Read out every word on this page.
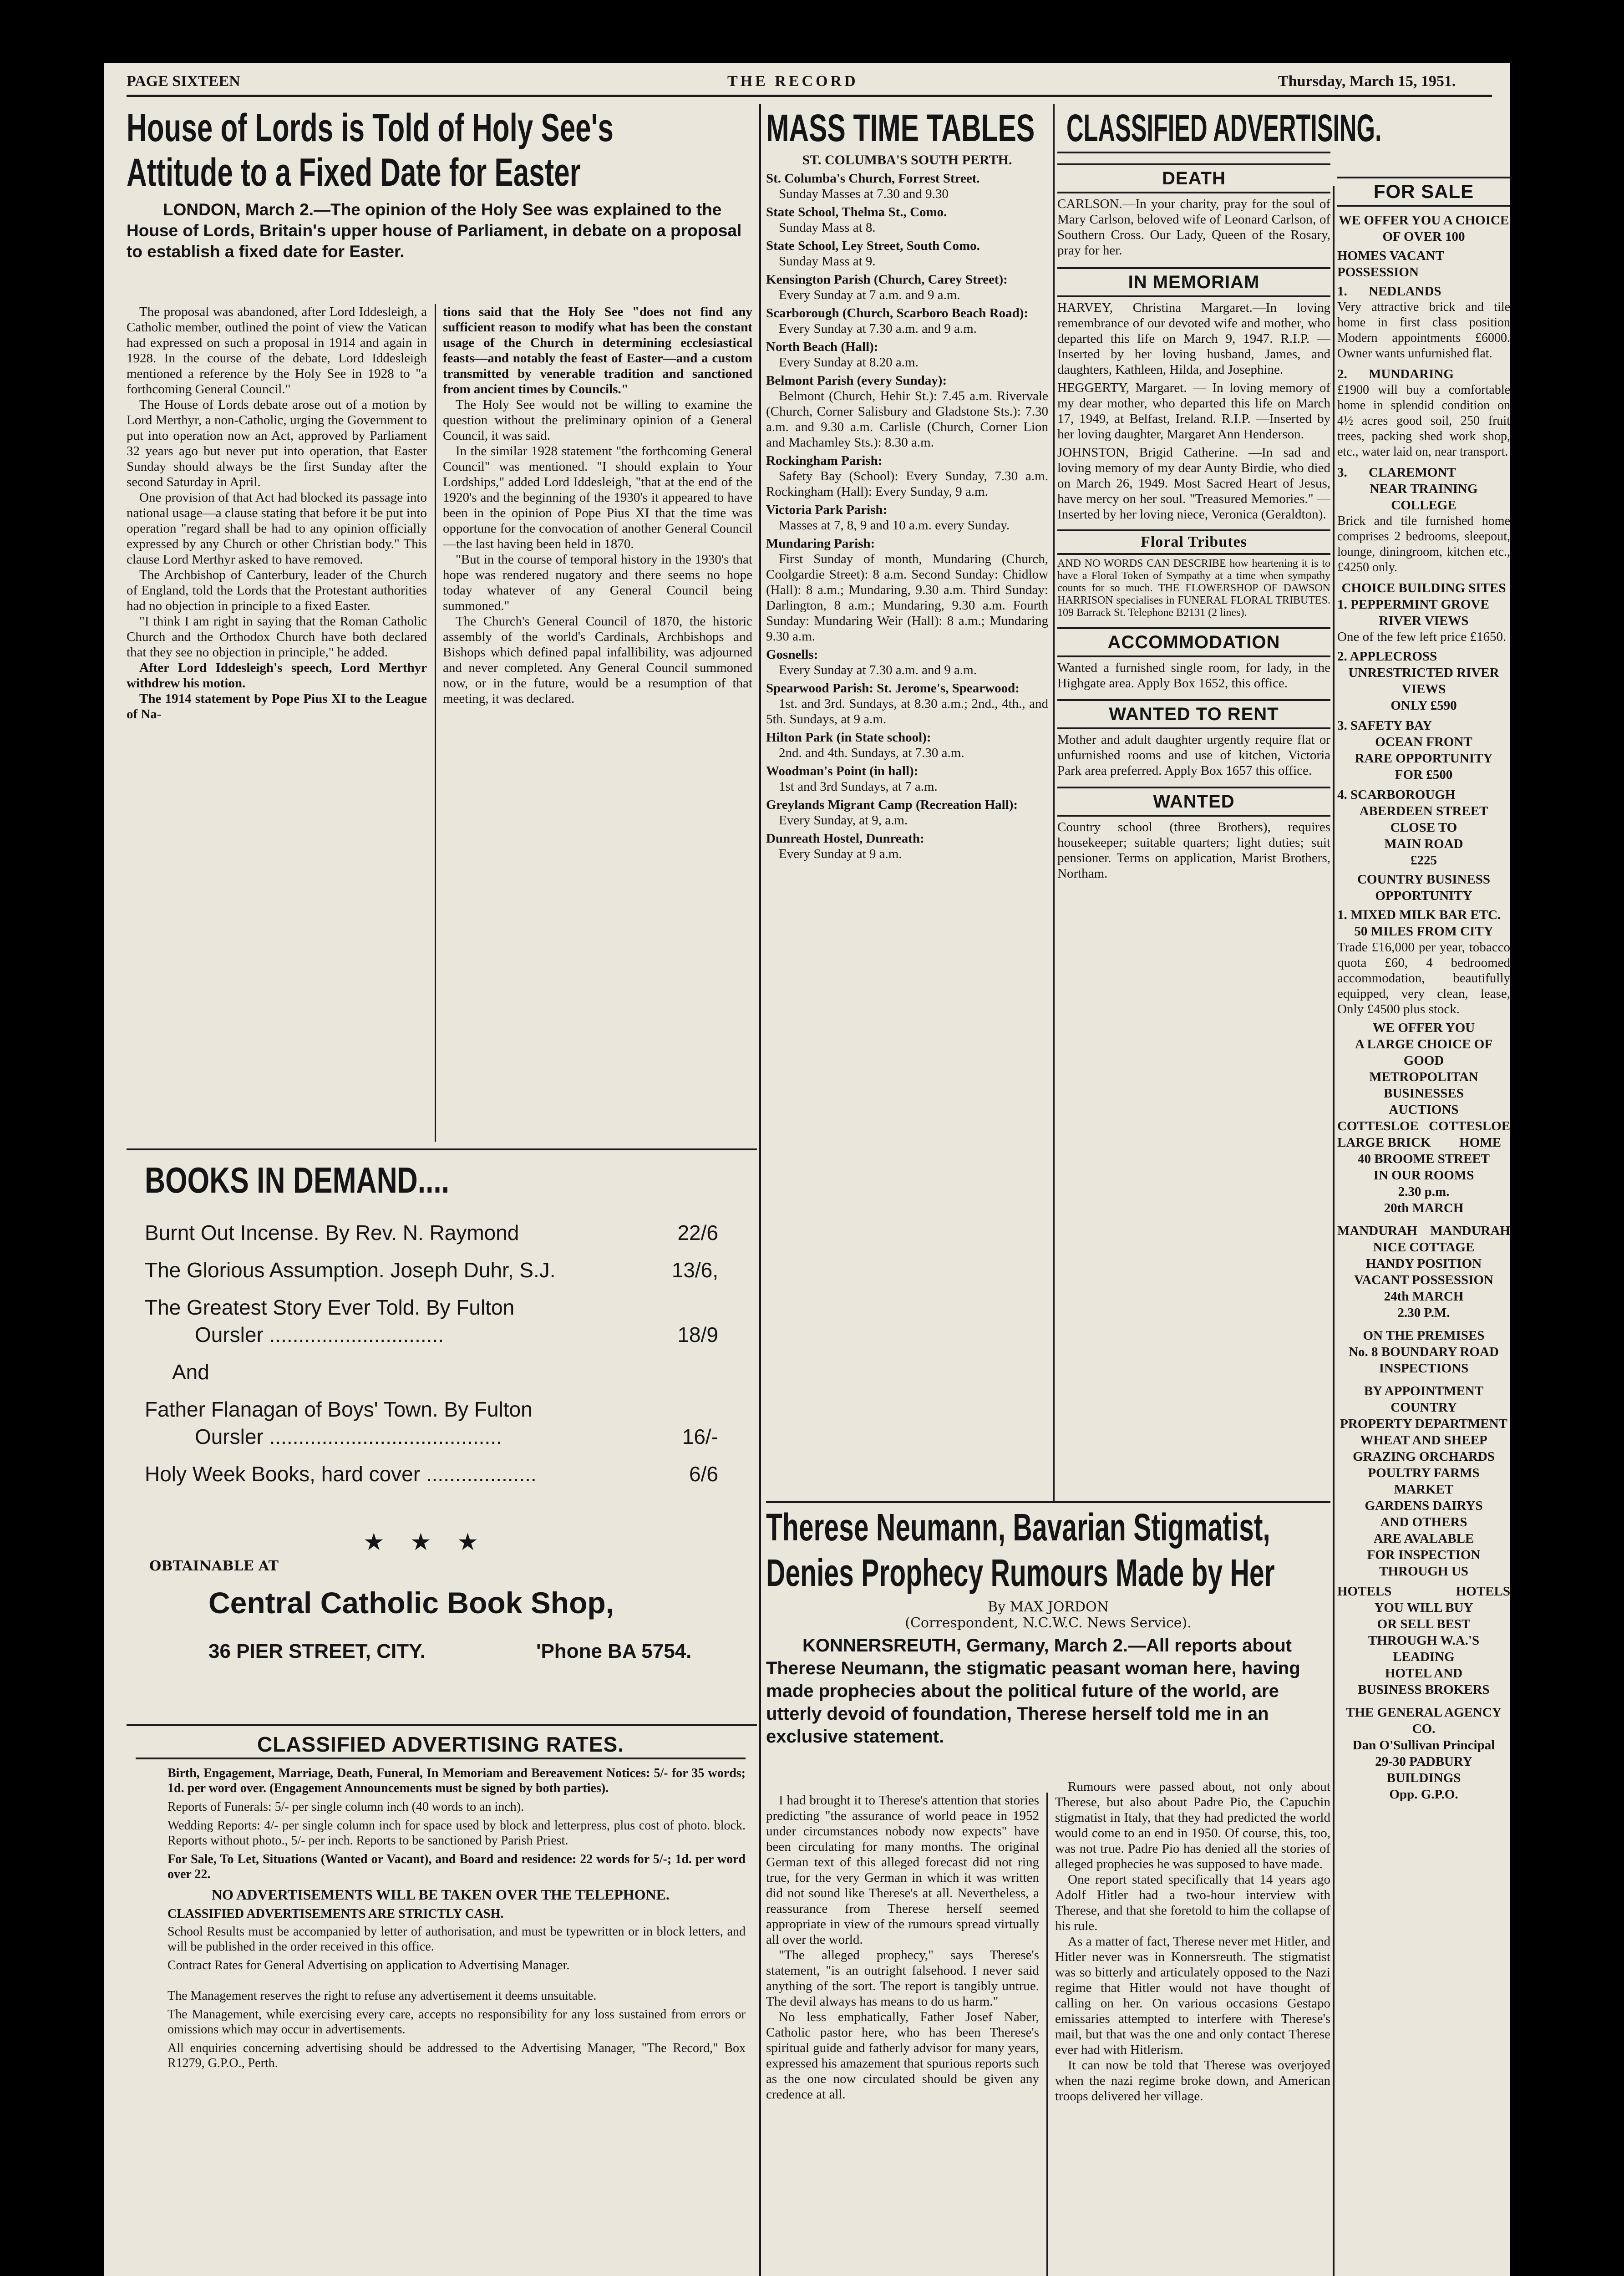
PAGE SIXTEEN	THE RECORD	Thursday, March 15, 1951.
House of Lords is Told of Holy See's
Attitude to a Fixed Date for Easter
LONDON, March 2.—The opinion of the Holy See was explained to the House of Lords, Britain's upper house of Parliament, in debate on a proposal to establish a fixed date for Easter.

The proposal was abandoned, after Lord Iddesleigh, a Catholic member, outlined the point of view the Vatican had expressed on such a proposal in 1914 and again in 1928. In the course of the debate, Lord Iddesleigh mentioned a reference by the Holy See in 1928 to "a forthcoming General Council."

The House of Lords debate arose out of a motion by Lord Merthyr, a non-Catholic, urging the Government to put into operation now an Act, approved by Parliament 32 years ago but never put into operation, that Easter Sunday should always be the first Sunday after the second Saturday in April.

One provision of that Act had blocked its passage into national usage—a clause stating that before it be put into operation "regard shall be had to any opinion officially expressed by any Church or other Christian body." This clause Lord Merthyr asked to have removed.

The Archbishop of Canterbury, leader of the Church of England, told the Lords that the Protestant authorities had no objection in principle to a fixed Easter.

"I think I am right in saying that the Roman Catholic Church and the Orthodox Church have both declared that they see no objection in principle," he added.

After Lord Iddesleigh's speech, Lord Merthyr withdrew his motion.

The 1914 statement by Pope Pius XI to the League of Na-

tions said that the Holy See "does not find any sufficient reason to modify what has been the constant usage of the Church in determining ecclesiastical feasts—and notably the feast of Easter—and a custom transmitted by venerable tradition and sanctioned from ancient times by Councils."

The Holy See would not be willing to examine the question without the preliminary opinion of a General Council, it was said.

In the similar 1928 statement "the forthcoming General Council" was mentioned. "I should explain to Your Lordships," added Lord Iddesleigh, "that at the end of the 1920's and the beginning of the 1930's it appeared to have been in the opinion of Pope Pius XI that the time was opportune for the convocation of another General Council—the last having been held in 1870.

"But in the course of temporal history in the 1930's that hope was rendered nugatory and there seems no hope today whatever of any General Council being summoned."

The Church's General Council of 1870, the historic assembly of the world's Cardinals, Archbishops and Bishops which defined papal infallibility, was adjourned and never completed. Any General Council summoned now, or in the future, would be a resumption of that meeting, it was declared.

BOOKS IN DEMAND....
Burnt Out Incense. By Rev. N. Raymond	22/6
The Glorious Assumption. Joseph Duhr, S.J.	13/6,
The Greatest Story Ever Told. By Fulton
Oursler ..............................	18/9
And
Father Flanagan of Boys' Town. By Fulton
Oursler ........................................	16/-
Holy Week Books, hard cover ...................	6/6
★ ★ ★
OBTAINABLE AT
Central Catholic Book Shop,
36 PIER STREET, CITY.	'Phone BA 5754.
CLASSIFIED ADVERTISING RATES.

Birth, Engagement, Marriage, Death, Funeral, In Memoriam and Bereavement Notices: 5/- for 35 words; 1d. per word over. (Engagement Announcements must be signed by both parties).

Reports of Funerals: 5/- per single column inch (40 words to an inch).

Wedding Reports: 4/- per single column inch for space used by block and letterpress, plus cost of photo. block. Reports without photo., 5/- per inch. Reports to be sanctioned by Parish Priest.

For Sale, To Let, Situations (Wanted or Vacant), and Board and residence: 22 words for 5/-; 1d. per word over 22.

NO ADVERTISEMENTS WILL BE TAKEN OVER THE TELEPHONE.

CLASSIFIED ADVERTISEMENTS ARE STRICTLY CASH.

School Results must be accompanied by letter of authorisation, and must be typewritten or in block letters, and will be published in the order received in this office.

Contract Rates for General Advertising on application to Advertising Manager.

The Management reserves the right to refuse any advertisement it deems unsuitable.

The Management, while exercising every care, accepts no responsibility for any loss sustained from errors or omissions which may occur in advertisements.

All enquiries concerning advertising should be addressed to the Advertising Manager, "The Record," Box R1279, G.P.O., Perth.

MASS TIME TABLES
ST. COLUMBA'S SOUTH PERTH.
St. Columba's Church, Forrest Street.
Sunday Masses at 7.30 and 9.30
State School, Thelma St., Como.
Sunday Mass at 8.
State School, Ley Street, South Como.
Sunday Mass at 9.
Kensington Parish (Church, Carey Street):
Every Sunday at 7 a.m. and 9 a.m.
Scarborough (Church, Scarboro Beach Road):
Every Sunday at 7.30 a.m. and 9 a.m.
North Beach (Hall):
Every Sunday at 8.20 a.m.
Belmont Parish (every Sunday):
Belmont (Church, Hehir St.): 7.45 a.m. Rivervale (Church, Corner Salisbury and Gladstone Sts.): 7.30 a.m. and 9.30 a.m. Carlisle (Church, Corner Lion and Machamley Sts.): 8.30 a.m.
Rockingham Parish:
Safety Bay (School): Every Sunday, 7.30 a.m. Rockingham (Hall): Every Sunday, 9 a.m.
Victoria Park Parish:
Masses at 7, 8, 9 and 10 a.m. every Sunday.
Mundaring Parish:
First Sunday of month, Mundaring (Church, Coolgardie Street): 8 a.m. Second Sunday: Chidlow (Hall): 8 a.m.; Mundaring, 9.30 a.m. Third Sunday: Darlington, 8 a.m.; Mundaring, 9.30 a.m. Fourth Sunday: Mundaring Weir (Hall): 8 a.m.; Mundaring 9.30 a.m.
Gosnells:
Every Sunday at 7.30 a.m. and 9 a.m.
Spearwood Parish: St. Jerome's, Spearwood:
1st. and 3rd. Sundays, at 8.30 a.m.; 2nd., 4th., and 5th. Sundays, at 9 a.m.
Hilton Park (in State school):
2nd. and 4th. Sundays, at 7.30 a.m.
Woodman's Point (in hall):
1st and 3rd Sundays, at 7 a.m.
Greylands Migrant Camp (Recreation Hall):
Every Sunday, at 9, a.m.
Dunreath Hostel, Dunreath:
Every Sunday at 9 a.m.
CLASSIFIED ADVERTISING.
DEATH
CARLSON.—In your charity, pray for the soul of Mary Carlson, beloved wife of Leonard Carlson, of Southern Cross. Our Lady, Queen of the Rosary, pray for her.
IN MEMORIAM

HARVEY, Christina Margaret.—In loving remembrance of our devoted wife and mother, who departed this life on March 9, 1947. R.I.P. —Inserted by her loving husband, James, and daughters, Kathleen, Hilda, and Josephine.

HEGGERTY, Margaret. — In loving memory of my dear mother, who departed this life on March 17, 1949, at Belfast, Ireland. R.I.P. —Inserted by her loving daughter, Margaret Ann Henderson.

JOHNSTON, Brigid Catherine. —In sad and loving memory of my dear Aunty Birdie, who died on March 26, 1949. Most Sacred Heart of Jesus, have mercy on her soul. "Treasured Memories." —Inserted by her loving niece, Veronica (Geraldton).

Floral Tributes
AND NO WORDS CAN DESCRIBE how heartening it is to have a Floral Token of Sympathy at a time when sympathy counts for so much. THE FLOWERSHOP OF DAWSON HARRISON specialises in FUNERAL FLORAL TRIBUTES. 109 Barrack St. Telephone B2131 (2 lines).
ACCOMMODATION
Wanted a furnished single room, for lady, in the Highgate area. Apply Box 1652, this office.
WANTED TO RENT
Mother and adult daughter urgently require flat or unfurnished rooms and use of kitchen, Victoria Park area preferred. Apply Box 1657 this office.
WANTED
Country school (three Brothers), requires housekeeper; suitable quarters; light duties; suit pensioner. Terms on application, Marist Brothers, Northam.
FOR SALE
WE OFFER YOU A CHOICE OF OVER 100
HOMES VACANT POSSESSION
1. NEDLANDS
Very attractive brick and tile home in first class position Modern appointments £6000. Owner wants unfurnished flat.
2. MUNDARING
£1900 will buy a comfortable home in splendid condition on 4½ acres good soil, 250 fruit trees, packing shed work shop, etc., water laid on, near transport.
3. CLAREMONT
NEAR TRAINING COLLEGE
Brick and tile furnished home comprises 2 bedrooms, sleepout, lounge, diningroom, kitchen etc., £4250 only.
CHOICE BUILDING SITES
1. PEPPERMINT GROVE
RIVER VIEWS
One of the few left price £1650.
2. APPLECROSS
UNRESTRICTED RIVER VIEWS
ONLY £590
3. SAFETY BAY
OCEAN FRONT
RARE OPPORTUNITY
FOR £500
4. SCARBOROUGH
ABERDEEN STREET CLOSE TO
MAIN ROAD
£225
COUNTRY BUSINESS OPPORTUNITY
1. MIXED MILK BAR ETC.
50 MILES FROM CITY
Trade £16,000 per year, tobacco quota £60, 4 bedroomed accommodation, beautifully equipped, very clean, lease, Only £4500 plus stock.
WE OFFER YOU
A LARGE CHOICE OF GOOD
METROPOLITAN
BUSINESSES
AUCTIONS
COTTESLOE COTTESLOE
LARGE BRICK HOME
40 BROOME STREET
IN OUR ROOMS
2.30 p.m.
20th MARCH
MANDURAH MANDURAH
NICE COTTAGE
HANDY POSITION
VACANT POSSESSION
24th MARCH
2.30 P.M.
ON THE PREMISES
No. 8 BOUNDARY ROAD
INSPECTIONS
BY APPOINTMENT
COUNTRY
PROPERTY DEPARTMENT
WHEAT AND SHEEP
GRAZING ORCHARDS
POULTRY FARMS MARKET
GARDENS DAIRYS
AND OTHERS
ARE AVALABLE
FOR INSPECTION
THROUGH US
HOTELS	HOTELS
YOU WILL BUY
OR SELL BEST
THROUGH W.A.'S LEADING
HOTEL AND
BUSINESS BROKERS
THE GENERAL AGENCY CO.
Dan O'Sullivan Principal
29-30 PADBURY BUILDINGS
Opp. G.P.O.
Therese Neumann, Bavarian Stigmatist,
Denies Prophecy Rumours Made by Her
By MAX JORDON
(Correspondent, N.C.W.C. News Service).
KONNERSREUTH, Germany, March 2.—All reports about Therese Neumann, the stigmatic peasant woman here, having made prophecies about the political future of the world, are utterly devoid of foundation, Therese herself told me in an exclusive statement.

I had brought it to Therese's attention that stories predicting "the assurance of world peace in 1952 under circumstances nobody now expects" have been circulating for many months. The original German text of this alleged forecast did not ring true, for the very German in which it was written did not sound like Therese's at all. Nevertheless, a reassurance from Therese herself seemed appropriate in view of the rumours spread virtually all over the world.

"The alleged prophecy," says Therese's statement, "is an outright falsehood. I never said anything of the sort. The report is tangibly untrue. The devil always has means to do us harm."

No less emphatically, Father Josef Naber, Catholic pastor here, who has been Therese's spiritual guide and fatherly advisor for many years, expressed his amazement that spurious reports such as the one now circulated should be given any credence at all.

Rumours were passed about, not only about Therese, but also about Padre Pio, the Capuchin stigmatist in Italy, that they had predicted the world would come to an end in 1950. Of course, this, too, was not true. Padre Pio has denied all the stories of alleged prophecies he was supposed to have made.

One report stated specifically that 14 years ago Adolf Hitler had a two-hour interview with Therese, and that she foretold to him the collapse of his rule.

As a matter of fact, Therese never met Hitler, and Hitler never was in Konnersreuth. The stigmatist was so bitterly and articulately opposed to the Nazi regime that Hitler would not have thought of calling on her. On various occasions Gestapo emissaries attempted to interfere with Therese's mail, but that was the one and only contact Therese ever had with Hitlerism.

It can now be told that Therese was overjoyed when the nazi regime broke down, and American troops delivered her village.
